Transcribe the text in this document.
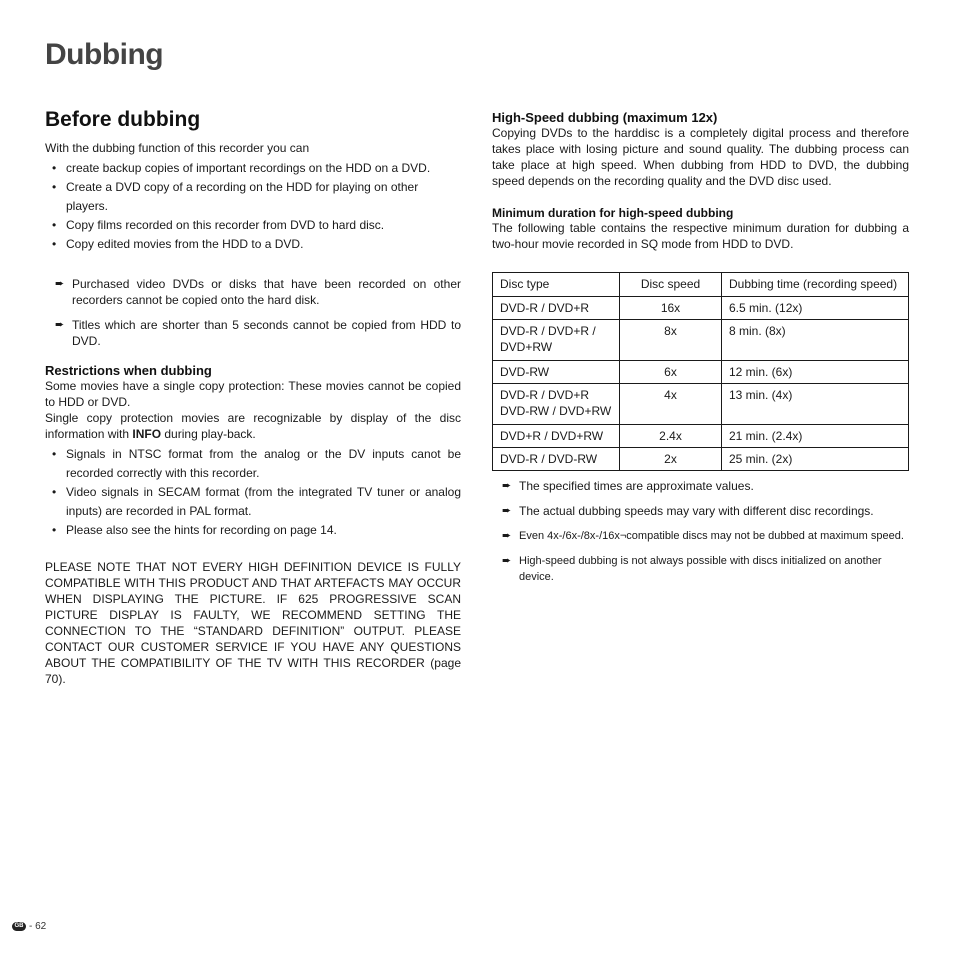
Dubbing
Before dubbing

With the dubbing function of this recorder you can

• create backup copies of important recordings on the HDD on a DVD.
• Create a DVD copy of a recording on the HDD for playing on other players.
• Copy films recorded on this recorder from DVD to hard disc.
• Copy edited movies from the HDD to a DVD.
➨ Purchased video DVDs or disks that have been recorded on other recorders cannot be copied onto the hard disk.
➨ Titles which are shorter than 5 seconds cannot be copied from HDD to DVD.
Restrictions when dubbing

Some movies have a single copy protection: These movies cannot be copied to HDD or DVD.

Single copy protection movies are recognizable by display of the disc information with INFO during play-back.

• Signals in NTSC format from the analog or the DV inputs canot be recorded correctly with this recorder.
• Video signals in SECAM format (from the integrated TV tuner or analog inputs) are recorded in PAL format.
• Please also see the hints for recording on page 14.

PLEASE NOTE THAT NOT EVERY HIGH DEFINITION DEVICE IS FULLY COMPATIBLE WITH THIS PRODUCT AND THAT ARTEFACTS MAY OCCUR WHEN DISPLAYING THE PICTURE. IF 625 PROGRESSIVE SCAN PICTURE DISPLAY IS FAULTY, WE RECOMMEND SETTING THE CONNECTION TO THE “STANDARD DEFINITION” OUTPUT. PLEASE CONTACT OUR CUSTOMER SERVICE IF YOU HAVE ANY QUESTIONS ABOUT THE COMPATIBILITY OF THE TV WITH THIS RECORDER (page 70).

High-Speed dubbing (maximum 12x)

Copying DVDs to the harddisc is a completely digital process and therefore takes place with losing picture and sound quality. The dubbing process can take place at high speed. When dubbing from HDD to DVD, the dubbing speed depends on the recording quality and the DVD disc used.

Minimum duration for high-speed dubbing

The following table contains the respective minimum duration for dubbing a two-hour movie recorded in SQ mode from HDD to DVD.

Disc type	Disc speed	Dubbing time (recording speed)
DVD-R / DVD+R	16x	6.5 min. (12x)
DVD-R / DVD+R / DVD+RW	8x	8 min. (8x)
DVD-RW	6x	12 min. (6x)
DVD-R / DVD+R DVD-RW / DVD+RW	4x	13 min. (4x)
DVD+R / DVD+RW	2.4x	21 min. (2.4x)
DVD-R / DVD-RW	2x	25 min. (2x)
➨ The specified times are approximate values.
➨ The actual dubbing speeds may vary with different disc recordings.
➨ Even 4x-/6x-/8x-/16x¬compatible discs may not be dubbed at maximum speed.
➨ High-speed dubbing is not always possible with discs initialized on another device.
GB - 62
